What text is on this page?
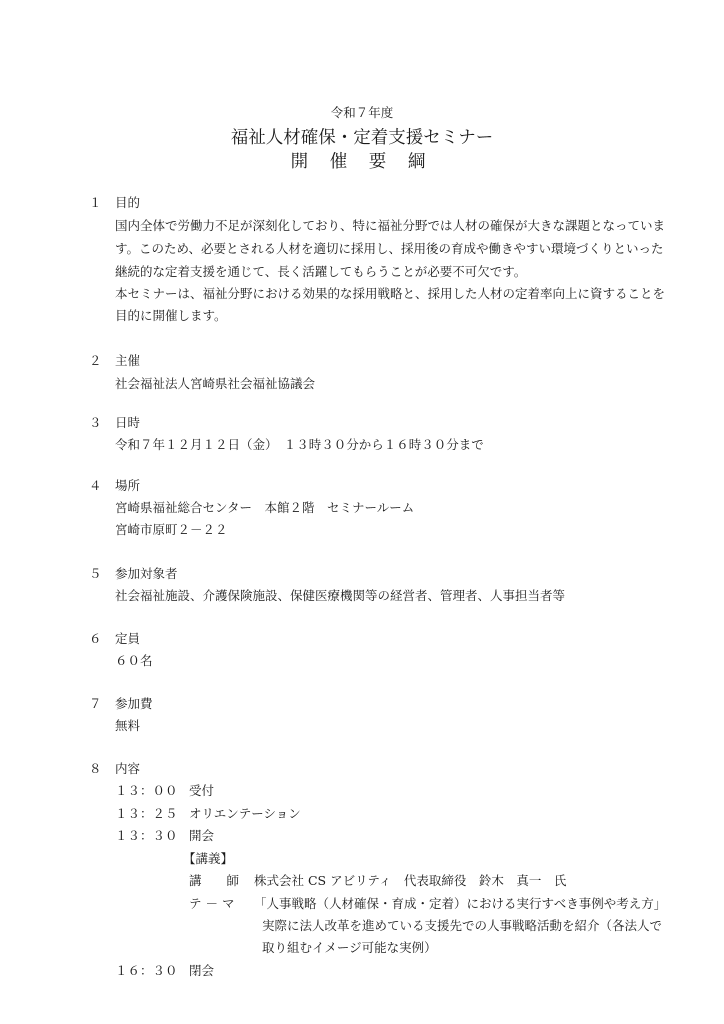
令和７年度
福祉人材確保・定着支援セミナー
開 催 要 綱
１ 目的
国内全体で労働力不足が深刻化しており、特に福祉分野では人材の確保が大きな課題となっていま
す。このため、必要とされる人材を適切に採用し、採用後の育成や働きやすい環境づくりといった
継続的な定着支援を通じて、長く活躍してもらうことが必要不可欠です。
本セミナーは、福祉分野における効果的な採用戦略と、採用した人材の定着率向上に資することを
目的に開催します。
２ 主催
社会福祉法人宮崎県社会福祉協議会
３ 日時
令和７年１２月１２日（金）　１３時３０分から１６時３０分まで
４ 場所
宮崎県福祉総合センター　本館２階　セミナールーム
宮崎市原町２－２２
５ 参加対象者
社会福祉施設、介護保険施設、保健医療機関等の経営者、管理者、人事担当者等
６ 定員
６０名
７ 参加費
無料
８ 内容
１３：００ 受付
１３：２５ オリエンテーション
１３：３０ 開会
【講義】
講　　師 株式会社 CS アビリティ　代表取締役　鈴木　真一　氏
テ － マ 「人事戦略（人材確保・育成・定着）における実行すべき事例や考え方」
実際に法人改革を進めている支援先での人事戦略活動を紹介（各法人で
取り組むイメージ可能な実例）
１６：３０ 閉会
